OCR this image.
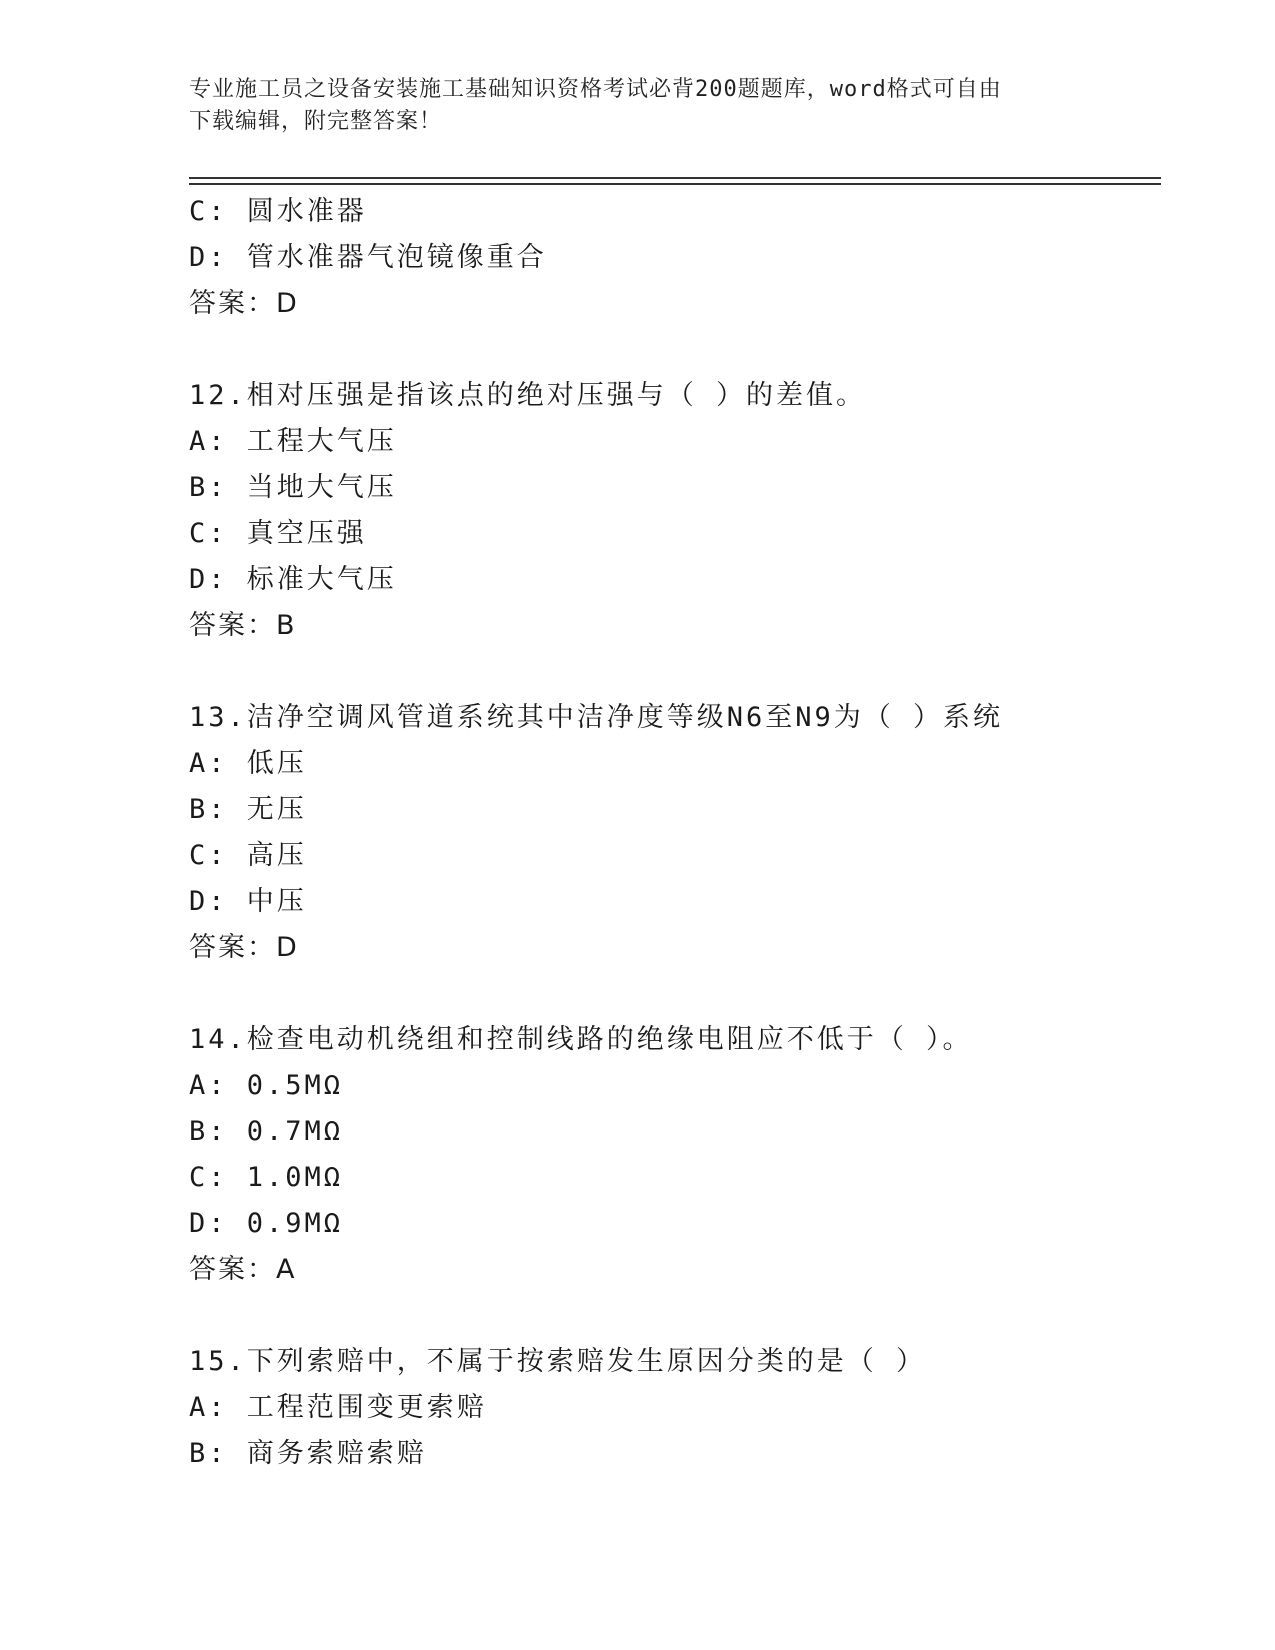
专业施工员之设备安装施工基础知识资格考试必背200题题库，word格式可自由
下载编辑，附完整答案！
C: 圆水准器
D: 管水准器气泡镜像重合
答案：D
12.相对压强是指该点的绝对压强与（ ）的差值。
A: 工程大气压
B: 当地大气压
C: 真空压强
D: 标准大气压
答案：B
13.洁净空调风管道系统其中洁净度等级N6至N9为（ ）系统
A: 低压
B: 无压
C: 高压
D: 中压
答案：D
14.检查电动机绕组和控制线路的绝缘电阻应不低于（ ）。
A: 0.5MΩ
B: 0.7MΩ
C: 1.0MΩ
D: 0.9MΩ
答案：A
15.下列索赔中，不属于按索赔发生原因分类的是（ ）
A: 工程范围变更索赔
B: 商务索赔索赔
